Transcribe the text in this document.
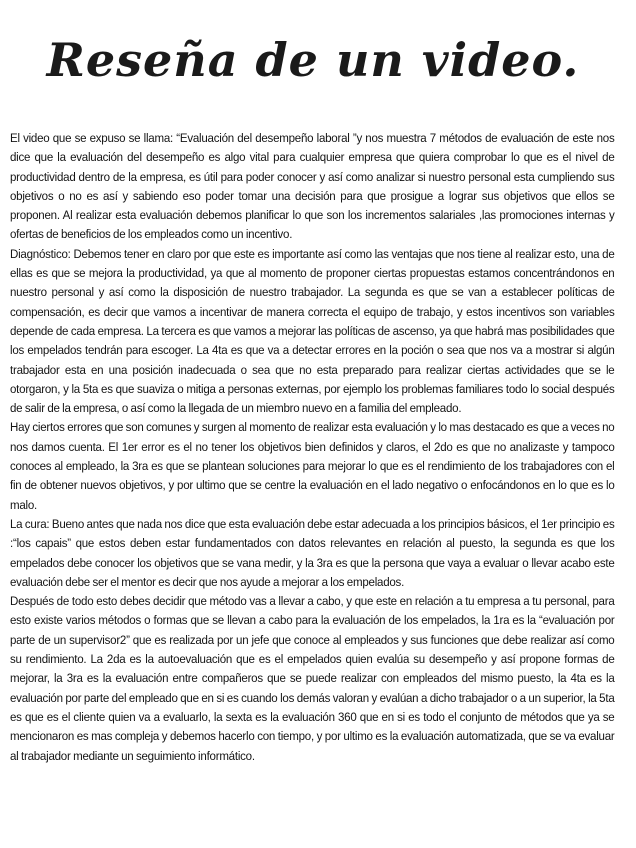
Reseña de un video.

El video que se expuso se llama: “Evaluación del desempeño laboral ”y nos muestra 7 métodos de evaluación de este nos dice que la evaluación del desempeño es algo vital para cualquier empresa que quiera comprobar lo que es el nivel de productividad dentro de la empresa, es útil para poder conocer y así como analizar si nuestro personal esta cumpliendo sus objetivos o no es así y sabiendo eso poder tomar una decisión para que prosigue a lograr sus objetivos que ellos se proponen. Al realizar esta evaluación debemos planificar lo que son los incrementos salariales ,las promociones internas y ofertas de beneficios de los empleados como un incentivo.

Diagnóstico: Debemos tener en claro por que este es importante así como las ventajas que nos tiene al realizar esto, una de ellas es que se mejora la productividad, ya que al momento de proponer ciertas propuestas estamos concentrándonos en nuestro personal y así como la disposición de nuestro trabajador. La segunda es que se van a establecer políticas de compensación, es decir que vamos a incentivar de manera correcta el equipo de trabajo, y estos incentivos son variables depende de cada empresa. La tercera es que vamos a mejorar las políticas de ascenso, ya que habrá mas posibilidades que los empelados tendrán para escoger. La 4ta es que va a detectar errores en la poción o sea que nos va a mostrar si algún trabajador esta en una posición inadecuada o sea que no esta preparado para realizar ciertas actividades que se le otorgaron, y la 5ta es que suaviza o mitiga a personas externas, por ejemplo los problemas familiares todo lo social después de salir de la empresa, o así como la llegada de un miembro nuevo en a familia del empleado.

Hay ciertos errores que son comunes y surgen al momento de realizar esta evaluación y lo mas destacado es que a veces no nos damos cuenta. El 1er error es el no tener los objetivos bien definidos y claros, el 2do es que no analizaste y tampoco conoces al empleado, la 3ra es que se plantean soluciones para mejorar lo que es el rendimiento de los trabajadores con el fin de obtener nuevos objetivos, y por ultimo que se centre la evaluación en el lado negativo o enfocándonos en lo que es lo malo.

La cura: Bueno antes que nada nos dice que esta evaluación debe estar adecuada a los principios básicos, el 1er principio es :“los capais” que estos deben estar fundamentados con datos relevantes en relación al puesto, la segunda es que los empelados debe conocer los objetivos que se vana medir, y la 3ra es que la persona que vaya a evaluar o llevar acabo este evaluación debe ser el mentor es decir que nos ayude a mejorar a los empelados.

Después de todo esto debes decidir que método vas a llevar a cabo, y que este en relación a tu empresa a tu personal, para esto existe varios métodos o formas que se llevan a cabo para la evaluación de los empelados, la 1ra es la “evaluación por parte de un supervisor2” que es realizada por un jefe que conoce al empleados y sus funciones que debe realizar así como su rendimiento. La 2da es la autoevaluación que es el empelados quien evalúa su desempeño y así propone formas de mejorar, la 3ra es la evaluación entre compañeros que se puede realizar con empleados del mismo puesto, la 4ta es la evaluación por parte del empleado que en si es cuando los demás valoran y evalúan a dicho trabajador o a un superior, la 5ta es que es el cliente quien va a evaluarlo, la sexta es la evaluación 360 que en si es todo el conjunto de métodos que ya se mencionaron es mas compleja y debemos hacerlo con tiempo, y por ultimo es la evaluación automatizada, que se va evaluar al trabajador mediante un seguimiento informático.
